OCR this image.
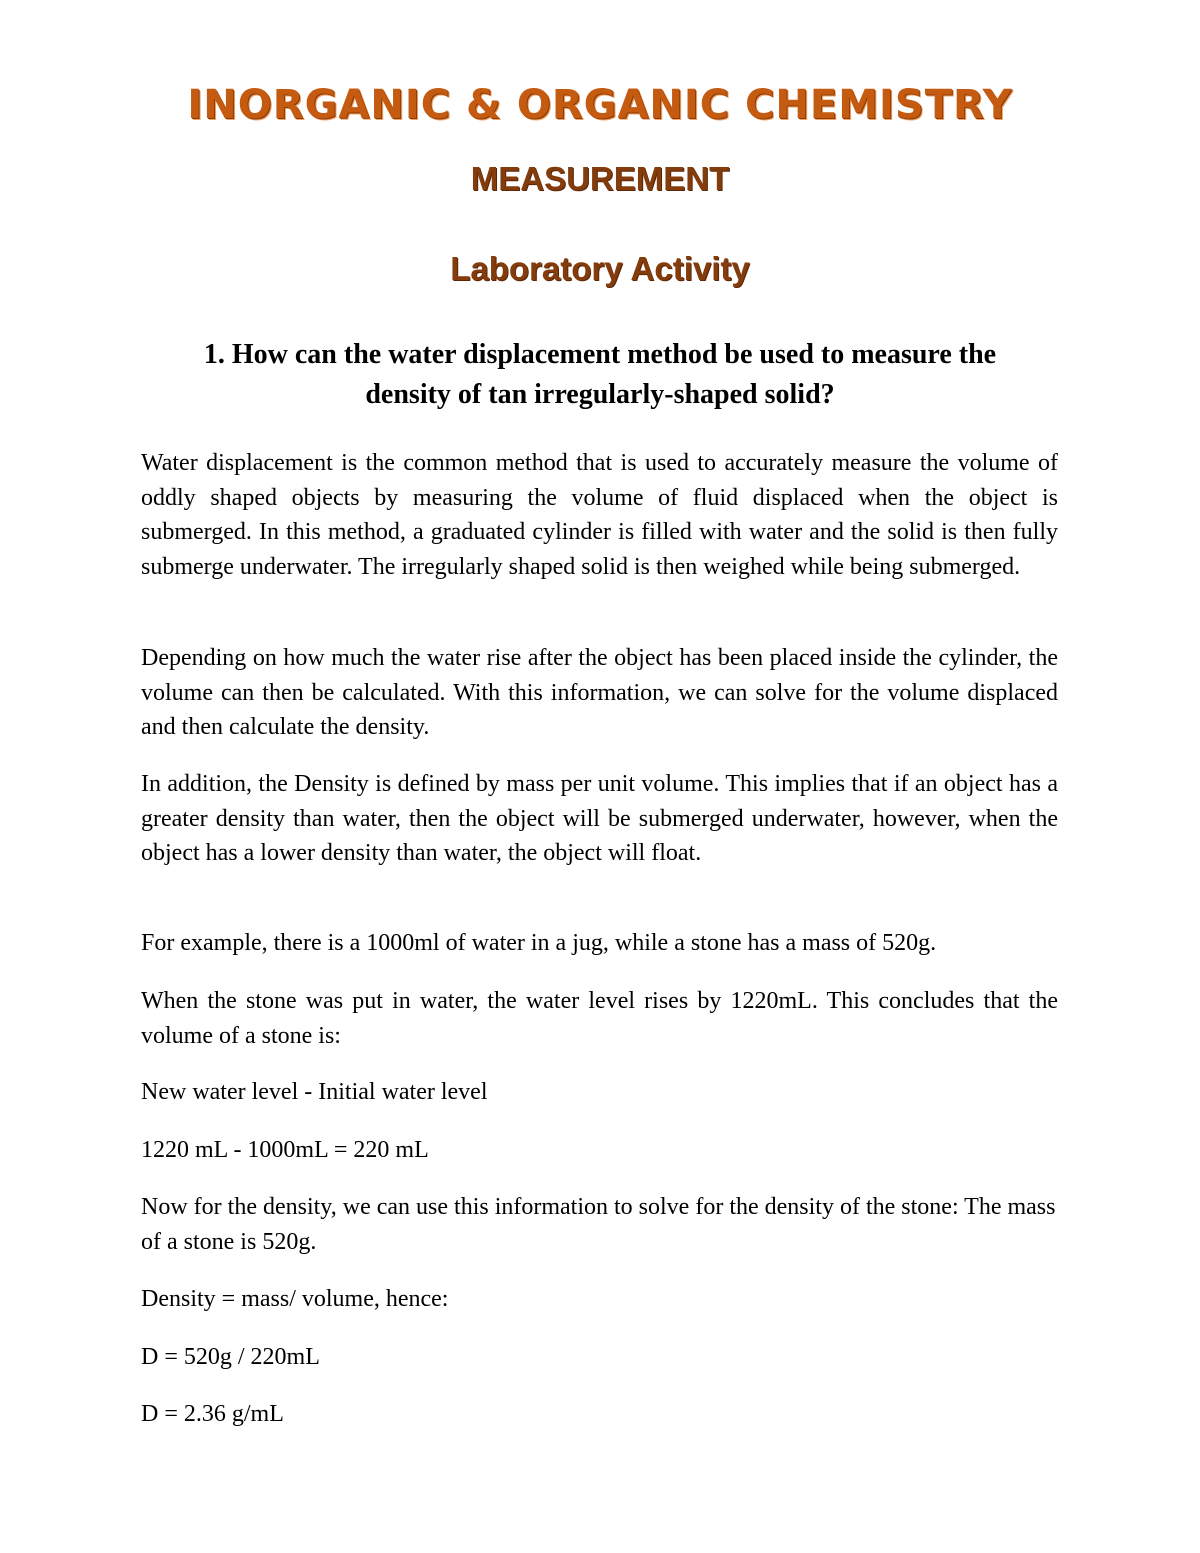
INORGANIC & ORGANIC CHEMISTRY
MEASUREMENT
Laboratory Activity
1. How can the water displacement method be used to measure the
density of tan irregularly-shaped solid?

Water displacement is the common method that is used to accurately measure the volume of oddly shaped objects by measuring the volume of fluid displaced when the object is submerged. In this method, a graduated cylinder is filled with water and the solid is then fully submerge underwater. The irregularly shaped solid is then weighed while being submerged.

Depending on how much the water rise after the object has been placed inside the cylinder, the volume can then be calculated. With this information, we can solve for the volume displaced and then calculate the density.

In addition, the Density is defined by mass per unit volume. This implies that if an object has a greater density than water, then the object will be submerged underwater, however, when the object has a lower density than water, the object will float.

For example, there is a 1000ml of water in a jug, while a stone has a mass of 520g.

When the stone was put in water, the water level rises by 1220mL. This concludes that the volume of a stone is:

New water level - Initial water level

1220 mL - 1000mL = 220 mL

Now for the density, we can use this information to solve for the density of the stone: The mass of a stone is 520g.

Density = mass/ volume, hence:

D = 520g / 220mL

D = 2.36 g/mL
